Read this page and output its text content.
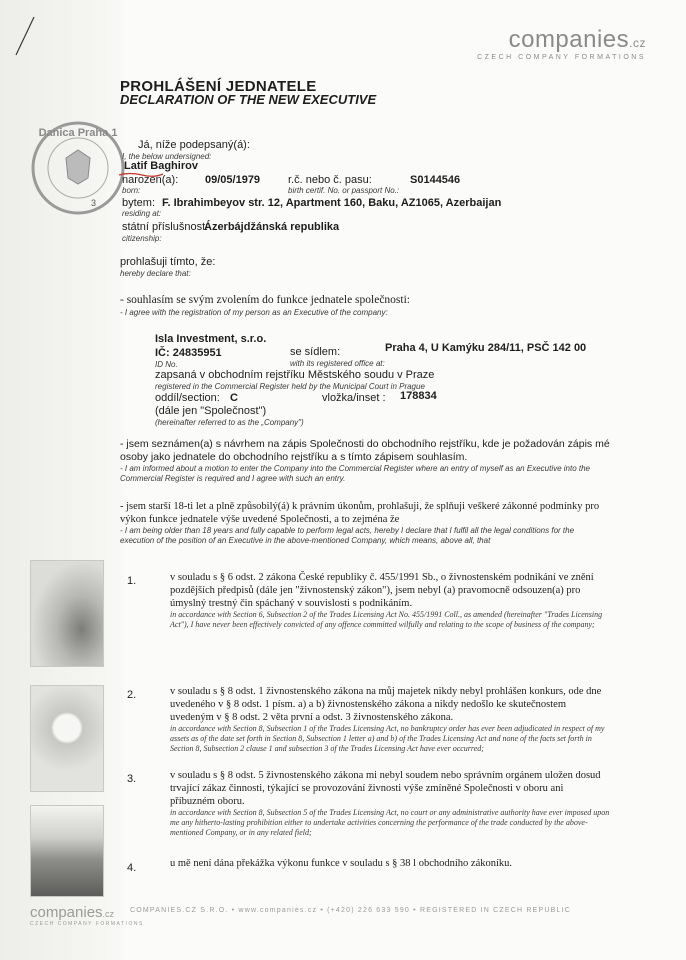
companies.cz
CZECH COMPANY FORMATIONS
PROHLÁŠENÍ JEDNATELE
DECLARATION OF THE NEW EXECUTIVE
Danica Praha 1
3
Já, níže podepsaný(á):
I, the below undersigned:
Latif Baghirov
narozen(a):
born:
09/05/1979	r.č. nebo č. pasu:
birth certif. No. or passport No.:
S0144546
bytem: F. Ibrahimbeyov str. 12, Apartment 160, Baku, AZ1065, Azerbaijan
residing at:
státní příslušnost:
Ázerbájdžánská republika
citizenship:
prohlašuji tímto, že:
hereby declare that:
- souhlasím se svým zvolením do funkce jednatele společnosti:
- I agree with the registration of my person as an Executive of the company:
Isla Investment, s.r.o.
IČ: 24835951
ID No.
se sídlem:
with its registered office at:
Praha 4, U Kamýku 284/11, PSČ 142 00
zapsaná v obchodním rejstříku Městského soudu v Praze
registered in the Commercial Register held by the Municipal Court in Prague
oddíl/section: C	vložka/inset : 178834
(dále jen "Společnost")
(hereinafter referred to as the „Company")
- jsem seznámen(a) s návrhem na zápis Společnosti do obchodního rejstříku, kde je požadován zápis mé osoby jako jednatele do obchodního rejstříku a s tímto zápisem souhlasím.
- I am informed about a motion to enter the Company into the Commercial Register where an entry of myself as an Executive into the Commercial Register is required and I agree with such an entry.
- jsem starší 18-ti let a plně způsobilý(á) k právním úkonům, prohlašuji, že splňuji veškeré zákonné podmínky pro výkon funkce jednatele výše uvedené Společnosti, a to zejména že
- I am being older than 18 years and fully capable to perform legal acts, hereby I declare that I fulfil all the legal conditions for the execution of the position of an Executive in the above-mentioned Company, which means, above all, that
1.	v souladu s § 6 odst. 2 zákona České republiky č. 455/1991 Sb., o živnostenském podnikání ve znění pozdějších předpisů (dále jen "živnostenský zákon"), jsem nebyl (a) pravomocně odsouzen(a) pro úmyslný trestný čin spáchaný v souvislosti s podnikáním.
in accordance with Section 6, Subsection 2 of the Trades Licensing Act No. 455/1991 Coll., as amended (hereinafter "Trades Licensing Act"), I have never been effectively convicted of any offence committed wilfully and relating to the scope of business of the company;
2.	v souladu s § 8 odst. 1 živnostenského zákona na můj majetek nikdy nebyl prohlášen konkurs, ode dne uvedeného v § 8 odst. 1 písm. a) a b) živnostenského zákona a nikdy nedošlo ke skutečnostem uvedeným v § 8 odst. 2 věta první a odst. 3 živnostenského zákona.
in accordance with Section 8, Subsection 1 of the Trades Licensing Act, no bankruptcy order has ever been adjudicated in respect of my assets as of the date set forth in Section 8, Subsection 1 letter a) and b) of the Trades Licensing Act and none of the facts set forth in Section 8, Subsection 2 clause 1 and subsection 3 of the Trades Licensing Act have ever occurred;
3.	v souladu s § 8 odst. 5 živnostenského zákona mi nebyl soudem nebo správním orgánem uložen dosud trvající zákaz činnosti, týkající se provozování živnosti výše zmíněné Společnosti v oboru ani příbuzném oboru.
in accordance with Section 8, Subsection 5 of the Trades Licensing Act, no court or any administrative authority have ever imposed upon me any hitherto-lasting prohibition either to undertake activities concerning the performance of the trade conducted by the above-mentioned Company, or in any related field;
4.	u mě není dána překážka výkonu funkce v souladu s § 38 l obchodního zákoníku.
companies.cz
CZECH COMPANY FORMATIONS
COMPANIES.CZ S.R.O. • www.companies.cz • (+420) 226 633 590 • REGISTERED IN CZECH REPUBLIC
